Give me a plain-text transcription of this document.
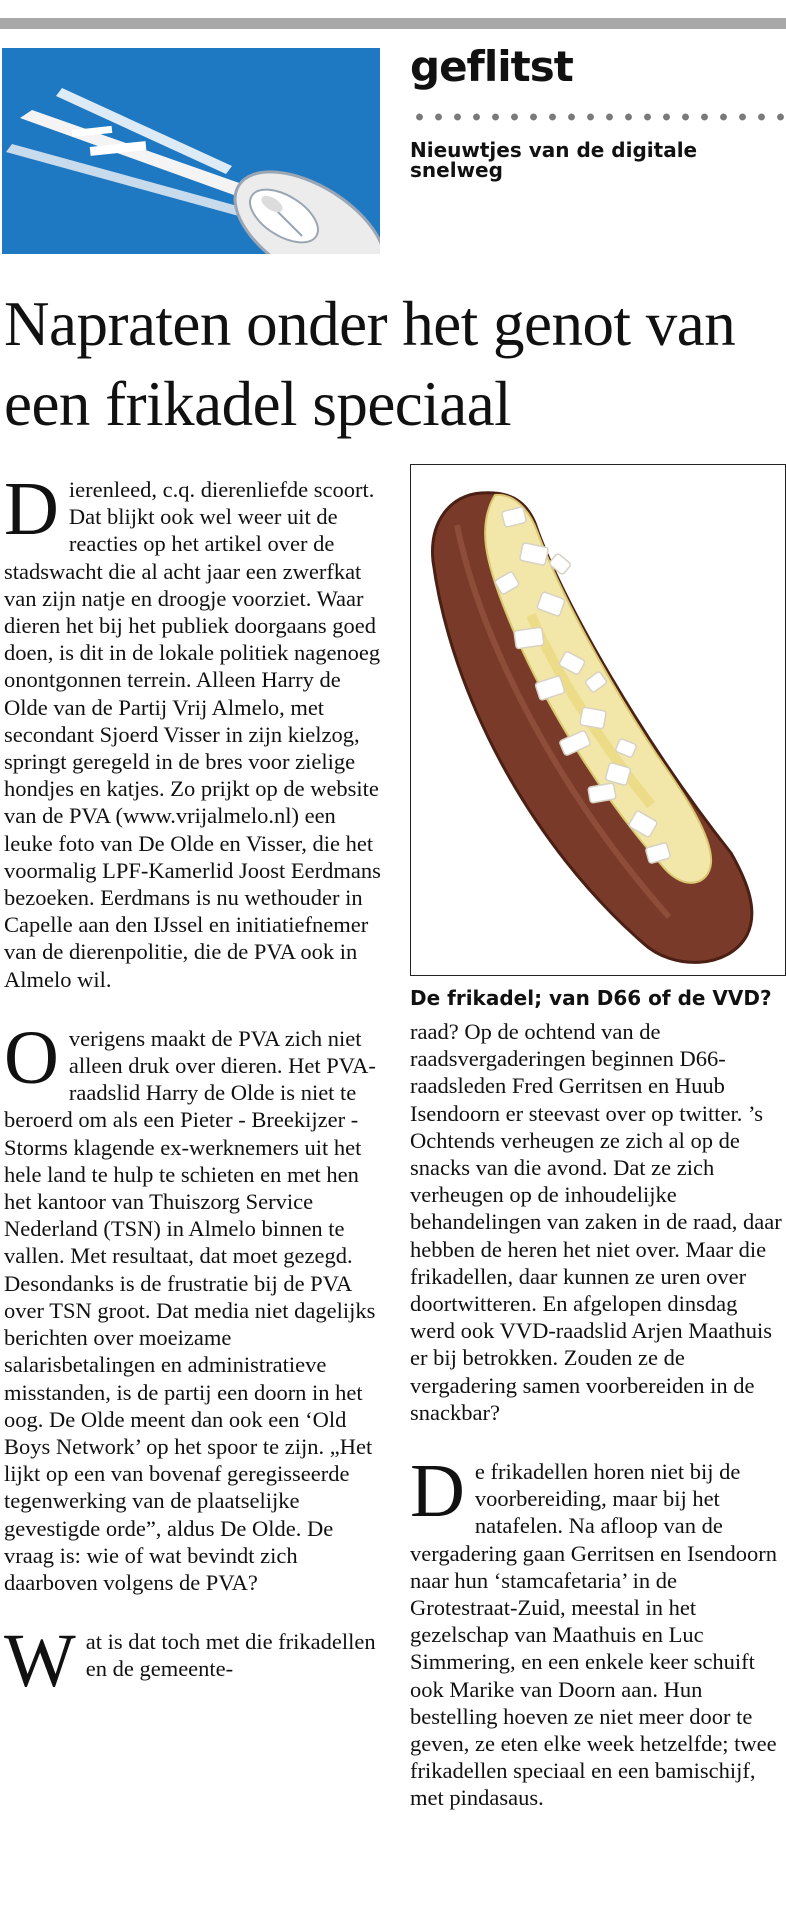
geflitst

Nieuwtjes van de digitale snelweg

Napraten onder het genot van een frikadel speciaal

Dierenleed, c.q. dierenliefde scoort. Dat blijkt ook wel weer uit de reacties op het artikel over de stadswacht die al acht jaar een zwerfkat van zijn natje en droogje voorziet. Waar dieren het bij het publiek doorgaans goed doen, is dit in de lokale politiek nagenoeg onontgonnen terrein. Alleen Harry de Olde van de Partij Vrij Almelo, met secondant Sjoerd Visser in zijn kielzog, springt geregeld in de bres voor zielige hondjes en katjes. Zo prijkt op de website van de PVA (www.vrijalmelo.nl) een leuke foto van De Olde en Visser, die het voormalig LPF-Kamerlid Joost Eerdmans bezoeken. Eerdmans is nu wethouder in Capelle aan den IJssel en initiatiefnemer van de dierenpolitie, die de PVA ook in Almelo wil.

Overigens maakt de PVA zich niet alleen druk over dieren. Het PVA-raadslid Harry de Olde is niet te beroerd om als een Pieter - Breekijzer - Storms klagende ex-werknemers uit het hele land te hulp te schieten en met hen het kantoor van Thuiszorg Service Nederland (TSN) in Almelo binnen te vallen. Met resultaat, dat moet gezegd. Desondanks is de frustratie bij de PVA over TSN groot. Dat media niet dagelijks berichten over moeizame salarisbetalingen en administratieve misstanden, is de partij een doorn in het oog. De Olde meent dan ook een ‘Old Boys Network’ op het spoor te zijn. „Het lijkt op een van bovenaf geregisseerde tegenwerking van de plaatselijke gevestigde orde”, aldus De Olde. De vraag is: wie of wat bevindt zich daarboven volgens de PVA?

Wat is dat toch met die frikadellen en de gemeente-

De frikadel; van D66 of de VVD?

raad? Op de ochtend van de raadsvergaderingen beginnen D66-raadsleden Fred Gerritsen en Huub Isendoorn er steevast over op twitter. ’s Ochtends verheugen ze zich al op de snacks van die avond. Dat ze zich verheugen op de inhoudelijke behandelingen van zaken in de raad, daar hebben de heren het niet over. Maar die frikadellen, daar kunnen ze uren over doortwitteren. En afgelopen dinsdag werd ook VVD-raadslid Arjen Maathuis er bij betrokken. Zouden ze de vergadering samen voorbereiden in de snackbar?

De frikadellen horen niet bij de voorbereiding, maar bij het natafelen. Na afloop van de vergadering gaan Gerritsen en Isendoorn naar hun ‘stamcafetaria’ in de Grotestraat-Zuid, meestal in het gezelschap van Maathuis en Luc Simmering, en een enkele keer schuift ook Marike van Doorn aan. Hun bestelling hoeven ze niet meer door te geven, ze eten elke week hetzelfde; twee frikadellen speciaal en een bamischijf, met pindasaus.
